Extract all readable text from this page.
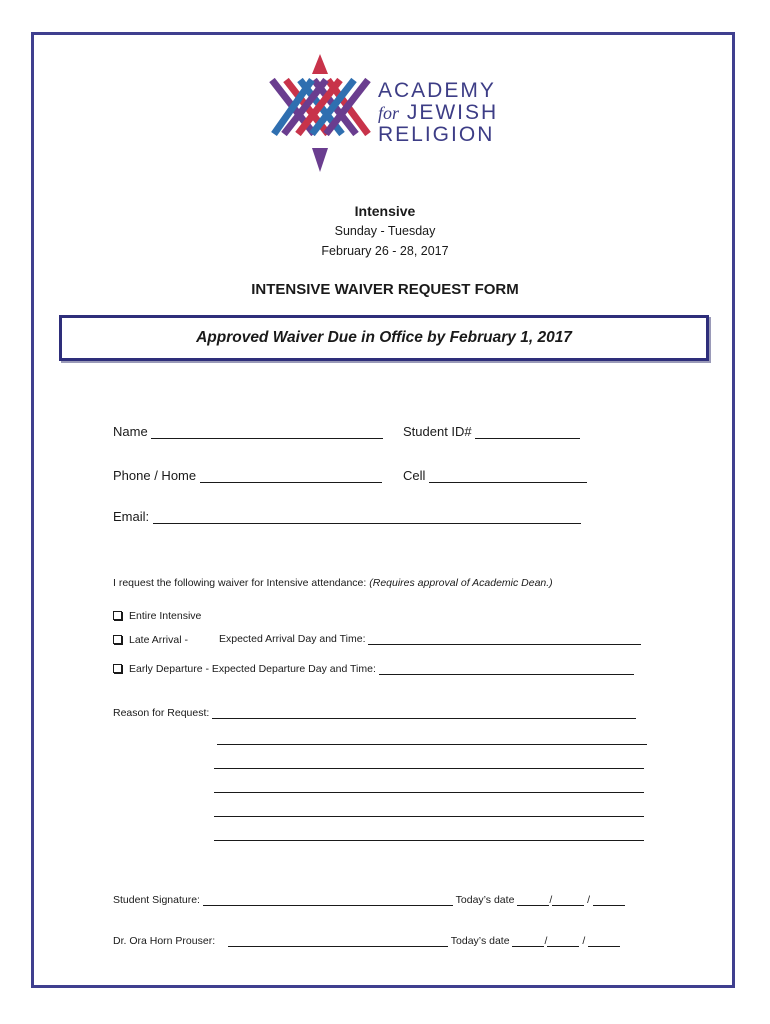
ACADEMY
for JEWISH
RELIGION
Intensive
Sunday - Tuesday
February 26 - 28, 2017
INTENSIVE WAIVER REQUEST FORM
Approved Waiver Due in Office by February 1, 2017
Name	Student ID#
Phone / Home	Cell
Email:
I request the following waiver for Intensive attendance: (Requires approval of Academic Dean.)
Entire Intensive
Late Arrival -	Expected Arrival Day and Time:
Early Departure - Expected Departure Day and Time:
Reason for Request:
Student Signature:	Today’s date	/	/
Dr. Ora Horn Prouser:	Today’s date	/	/
